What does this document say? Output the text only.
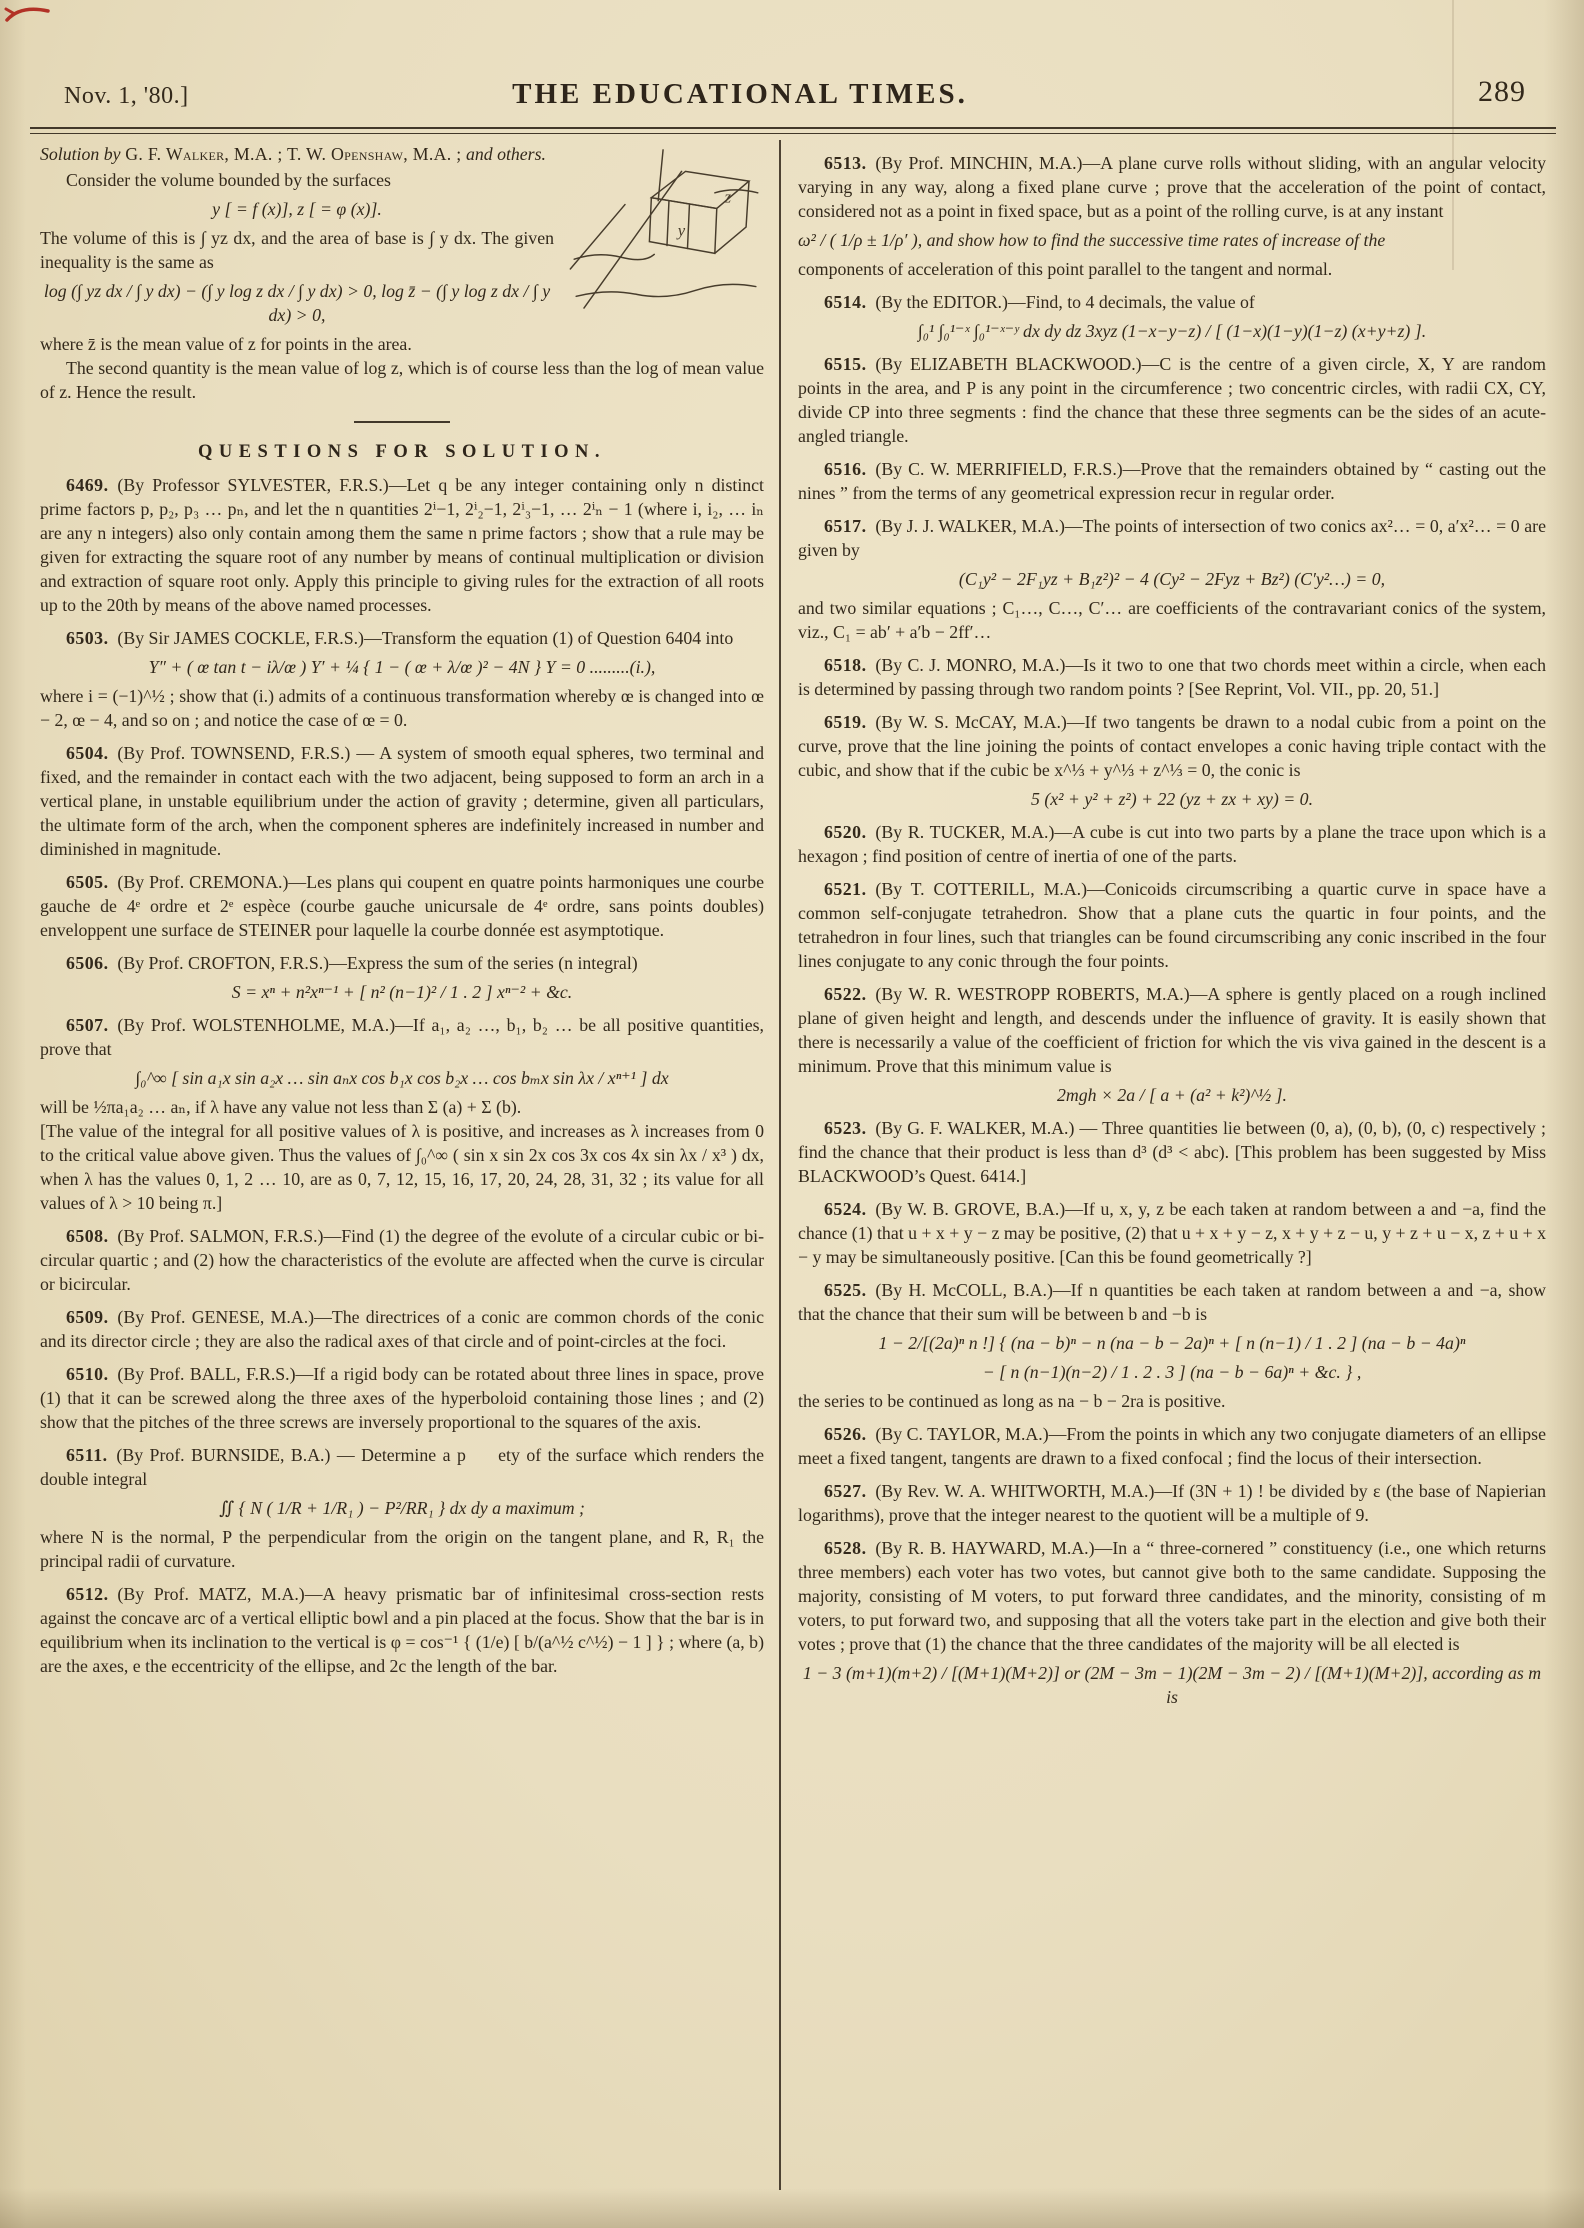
Nov. 1, '80.]	THE EDUCATIONAL TIMES.	289
z
y

Solution by G. F. Walker, M.A. ; T. W. Openshaw, M.A. ; and others.

Consider the volume bounded by the surfaces

y [ = f (x)], z [ = φ (x)].

The volume of this is ∫ yz dx, and the area of base is ∫ y dx. The given inequality is the same as

log (∫ yz dx / ∫ y dx) − (∫ y log z dx / ∫ y dx) > 0, log z̄ − (∫ y log z dx / ∫ y dx) > 0,

where z̄ is the mean value of z for points in the area.

The second quantity is the mean value of log z, which is of course less than the log of mean value of z. Hence the result.

QUESTIONS FOR SOLUTION.

6469. (By Professor SYLVESTER, F.R.S.)—Let q be any integer containing only n distinct prime factors p, p₂, p₃ … pₙ, and let the n quantities 2ⁱ−1, 2ⁱ₂−1, 2ⁱ₃−1, … 2ⁱₙ − 1 (where i, i₂, … iₙ are any n integers) also only contain among them the same n prime factors ; show that a rule may be given for extracting the square root of any number by means of continual multiplication or division and extraction of square root only. Apply this principle to giving rules for the extraction of all roots up to the 20th by means of the above named processes.

6503. (By Sir JAMES COCKLE, F.R.S.)—Transform the equation (1) of Question 6404 into

Y″ + ( œ tan t − iλ/œ ) Y′ + ¼ { 1 − ( œ + λ/œ )² − 4N } Y = 0 .........(i.),

where i = (−1)^½ ; show that (i.) admits of a continuous transformation whereby œ is changed into œ − 2, œ − 4, and so on ; and notice the case of œ = 0.

6504. (By Prof. TOWNSEND, F.R.S.) — A system of smooth equal spheres, two terminal and fixed, and the remainder in contact each with the two adjacent, being supposed to form an arch in a vertical plane, in unstable equilibrium under the action of gravity ; determine, given all particulars, the ultimate form of the arch, when the component spheres are indefinitely increased in number and diminished in magnitude.

6505. (By Prof. CREMONA.)—Les plans qui coupent en quatre points harmoniques une courbe gauche de 4ᵉ ordre et 2ᵉ espèce (courbe gauche unicursale de 4ᵉ ordre, sans points doubles) enveloppent une surface de STEINER pour laquelle la courbe donnée est asymptotique.

6506. (By Prof. CROFTON, F.R.S.)—Express the sum of the series (n integral)

S = xⁿ + n²xⁿ⁻¹ + [ n² (n−1)² / 1 . 2 ] xⁿ⁻² + &c.

6507. (By Prof. WOLSTENHOLME, M.A.)—If a₁, a₂ …, b₁, b₂ … be all positive quantities, prove that

∫₀^∞ [ sin a₁x sin a₂x … sin aₙx cos b₁x cos b₂x … cos bₘx sin λx / xⁿ⁺¹ ] dx

will be ½πa₁a₂ … aₙ, if λ have any value not less than Σ (a) + Σ (b).

[The value of the integral for all positive values of λ is positive, and increases as λ increases from 0 to the critical value above given. Thus the values of ∫₀^∞ ( sin x sin 2x cos 3x cos 4x sin λx / x³ ) dx, when λ has the values 0, 1, 2 … 10, are as 0, 7, 12, 15, 16, 17, 20, 24, 28, 31, 32 ; its value for all values of λ > 10 being π.]

6508. (By Prof. SALMON, F.R.S.)—Find (1) the degree of the evolute of a circular cubic or bi-circular quartic ; and (2) how the characteristics of the evolute are affected when the curve is circular or bicircular.

6509. (By Prof. GENESE, M.A.)—The directrices of a conic are common chords of the conic and its director circle ; they are also the radical axes of that circle and of point-circles at the foci.

6510. (By Prof. BALL, F.R.S.)—If a rigid body can be rotated about three lines in space, prove (1) that it can be screwed along the three axes of the hyperboloid containing those lines ; and (2) show that the pitches of the three screws are inversely proportional to the squares of the axis.

6511. (By Prof. BURNSIDE, B.A.) — Determine a p     ety of the surface which renders the double integral

∬ { N ( 1/R + 1/R₁ ) − P²/RR₁ } dx dy a maximum ;

where N is the normal, P the perpendicular from the origin on the tangent plane, and R, R₁ the principal radii of curvature.

6512. (By Prof. MATZ, M.A.)—A heavy prismatic bar of infinitesimal cross-section rests against the concave arc of a vertical elliptic bowl and a pin placed at the focus. Show that the bar is in equilibrium when its inclination to the vertical is φ = cos⁻¹ { (1/e) [ b/(a^½ c^½) − 1 ] } ; where (a, b) are the axes, e the eccentricity of the ellipse, and 2c the length of the bar.

6513. (By Prof. MINCHIN, M.A.)—A plane curve rolls without sliding, with an angular velocity varying in any way, along a fixed plane curve ; prove that the acceleration of the point of contact, considered not as a point in fixed space, but as a point of the rolling curve, is at any instant

ω² / ( 1/ρ ± 1/ρ′ ), and show how to find the successive time rates of increase of the

components of acceleration of this point parallel to the tangent and normal.

6514. (By the EDITOR.)—Find, to 4 decimals, the value of

∫₀¹ ∫₀¹⁻ˣ ∫₀¹⁻ˣ⁻ʸ dx dy dz 3xyz (1−x−y−z) / [ (1−x)(1−y)(1−z) (x+y+z) ].

6515. (By ELIZABETH BLACKWOOD.)—C is the centre of a given circle, X, Y are random points in the area, and P is any point in the circumference ; two concentric circles, with radii CX, CY, divide CP into three segments : find the chance that these three segments can be the sides of an acute-angled triangle.

6516. (By C. W. MERRIFIELD, F.R.S.)—Prove that the remainders obtained by “ casting out the nines ” from the terms of any geometrical expression recur in regular order.

6517. (By J. J. WALKER, M.A.)—The points of intersection of two conics ax²… = 0, a′x²… = 0 are given by

(C₁y² − 2F₁yz + B₁z²)² − 4 (Cy² − 2Fyz + Bz²) (C′y²…) = 0,

and two similar equations ; C₁…, C…, C′… are coefficients of the contravariant conics of the system, viz., C₁ = ab′ + a′b − 2ff′…

6518. (By C. J. MONRO, M.A.)—Is it two to one that two chords meet within a circle, when each is determined by passing through two random points ? [See Reprint, Vol. VII., pp. 20, 51.]

6519. (By W. S. McCAY, M.A.)—If two tangents be drawn to a nodal cubic from a point on the curve, prove that the line joining the points of contact envelopes a conic having triple contact with the cubic, and show that if the cubic be x^⅓ + y^⅓ + z^⅓ = 0, the conic is

5 (x² + y² + z²) + 22 (yz + zx + xy) = 0.

6520. (By R. TUCKER, M.A.)—A cube is cut into two parts by a plane the trace upon which is a hexagon ; find position of centre of inertia of one of the parts.

6521. (By T. COTTERILL, M.A.)—Conicoids circumscribing a quartic curve in space have a common self-conjugate tetrahedron. Show that a plane cuts the quartic in four points, and the tetrahedron in four lines, such that triangles can be found circumscribing any conic inscribed in the four lines conjugate to any conic through the four points.

6522. (By W. R. WESTROPP ROBERTS, M.A.)—A sphere is gently placed on a rough inclined plane of given height and length, and descends under the influence of gravity. It is easily shown that there is necessarily a value of the coefficient of friction for which the vis viva gained in the descent is a minimum. Prove that this minimum value is

2mgh × 2a / [ a + (a² + k²)^½ ].

6523. (By G. F. WALKER, M.A.) — Three quantities lie between (0, a), (0, b), (0, c) respectively ; find the chance that their product is less than d³ (d³ < abc). [This problem has been suggested by Miss BLACKWOOD’s Quest. 6414.]

6524. (By W. B. GROVE, B.A.)—If u, x, y, z be each taken at random between a and −a, find the chance (1) that u + x + y − z may be positive, (2) that u + x + y − z, x + y + z − u, y + z + u − x, z + u + x − y may be simultaneously positive. [Can this be found geometrically ?]

6525. (By H. McCOLL, B.A.)—If n quantities be each taken at random between a and −a, show that the chance that their sum will be between b and −b is

1 − 2/[(2a)ⁿ n !] { (na − b)ⁿ − n (na − b − 2a)ⁿ + [ n (n−1) / 1 . 2 ] (na − b − 4a)ⁿ
− [ n (n−1)(n−2) / 1 . 2 . 3 ] (na − b − 6a)ⁿ + &c. } ,

the series to be continued as long as na − b − 2ra is positive.

6526. (By C. TAYLOR, M.A.)—From the points in which any two conjugate diameters of an ellipse meet a fixed tangent, tangents are drawn to a fixed confocal ; find the locus of their intersection.

6527. (By Rev. W. A. WHITWORTH, M.A.)—If (3N + 1) ! be divided by ε (the base of Napierian logarithms), prove that the integer nearest to the quotient will be a multiple of 9.

6528. (By R. B. HAYWARD, M.A.)—In a “ three-cornered ” constituency (i.e., one which returns three members) each voter has two votes, but cannot give both to the same candidate. Supposing the majority, consisting of M voters, to put forward three candidates, and the minority, consisting of m voters, to put forward two, and supposing that all the voters take part in the election and give both their votes ; prove that (1) the chance that the three candidates of the majority will be all elected is

1 − 3 (m+1)(m+2) / [(M+1)(M+2)] or (2M − 3m − 1)(2M − 3m − 2) / [(M+1)(M+2)], according as m is
